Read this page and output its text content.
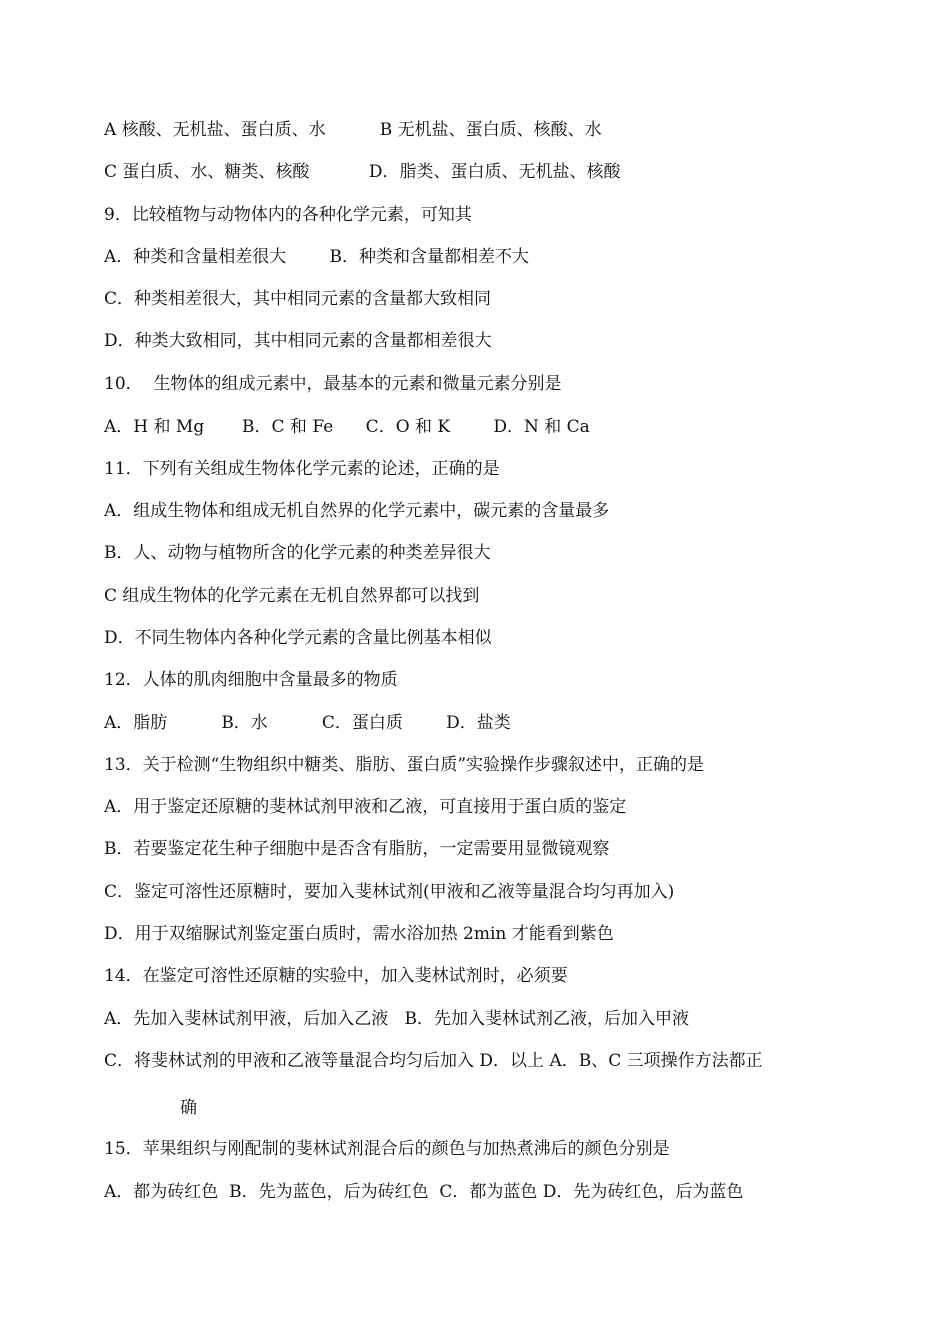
A 核酸、无机盐、蛋白质、水          B 无机盐、蛋白质、核酸、水
C 蛋白质、水、糖类、核酸           D．脂类、蛋白质、无机盐、核酸
9．比较植物与动物体内的各种化学元素，可知其
A．种类和含量相差很大        B．种类和含量都相差不大
C．种类相差很大，其中相同元素的含量都大致相同
D．种类大致相同，其中相同元素的含量都相差很大
10．  生物体的组成元素中，最基本的元素和微量元素分别是
A．H 和 Mg       B．C 和 Fe      C．O 和 K        D．N 和 Ca
11．下列有关组成生物体化学元素的论述，正确的是
A．组成生物体和组成无机自然界的化学元素中，碳元素的含量最多
B．人、动物与植物所含的化学元素的种类差异很大
C 组成生物体的化学元素在无机自然界都可以找到
D．不同生物体内各种化学元素的含量比例基本相似
12．人体的肌肉细胞中含量最多的物质
A．脂肪          B．水          C．蛋白质        D．盐类
13．关于检测“生物组织中糖类、脂肪、蛋白质”实验操作步骤叙述中，正确的是
A．用于鉴定还原糖的斐林试剂甲液和乙液，可直接用于蛋白质的鉴定
B．若要鉴定花生种子细胞中是否含有脂肪，一定需要用显微镜观察
C．鉴定可溶性还原糖时，要加入斐林试剂(甲液和乙液等量混合均匀再加入)
D．用于双缩脲试剂鉴定蛋白质时，需水浴加热 2min 才能看到紫色
14．在鉴定可溶性还原糖的实验中，加入斐林试剂时，必须要
A．先加入斐林试剂甲液，后加入乙液   B．先加入斐林试剂乙液，后加入甲液
C．将斐林试剂的甲液和乙液等量混合均匀后加入 D．以上 A．B、C 三项操作方法都正
确
15．苹果组织与刚配制的斐林试剂混合后的颜色与加热煮沸后的颜色分别是
A．都为砖红色  B．先为蓝色，后为砖红色  C．都为蓝色 D．先为砖红色，后为蓝色
